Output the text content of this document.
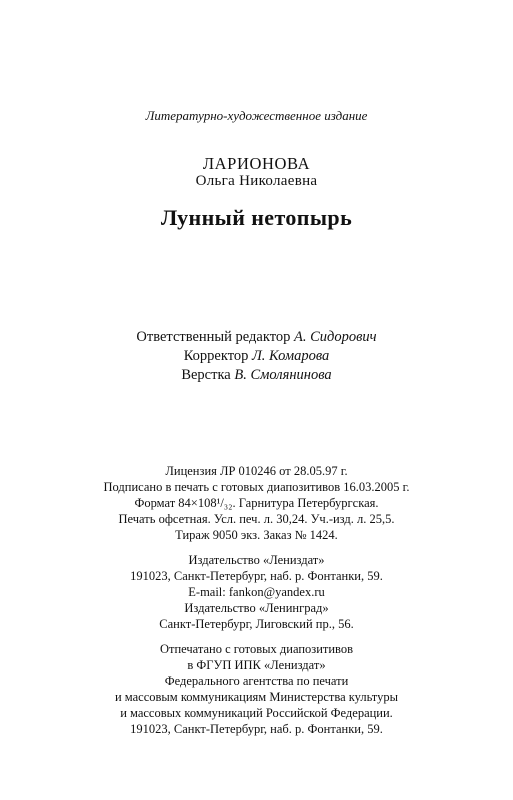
Литературно-художественное издание
ЛАРИОНОВА
Ольга Николаевна
Лунный нетопырь
Ответственный редактор А. Сидорович
Корректор Л. Комарова
Верстка В. Смолянинова
Лицензия ЛР 010246 от 28.05.97 г.
Подписано в печать с готовых диапозитивов 16.03.2005 г.
Формат 84×108¹/₃₂. Гарнитура Петербургская.
Печать офсетная. Усл. печ. л. 30,24. Уч.-изд. л. 25,5.
Тираж 9050 экз. Заказ № 1424.
Издательство «Лениздат»
191023, Санкт-Петербург, наб. р. Фонтанки, 59.
E-mail: fankon@yandex.ru
Издательство «Ленинград»
Санкт-Петербург, Лиговский пр., 56.
Отпечатано с готовых диапозитивов
в ФГУП ИПК «Лениздат»
Федерального агентства по печати
и массовым коммуникациям Министерства культуры
и массовых коммуникаций Российской Федерации.
191023, Санкт-Петербург, наб. р. Фонтанки, 59.
